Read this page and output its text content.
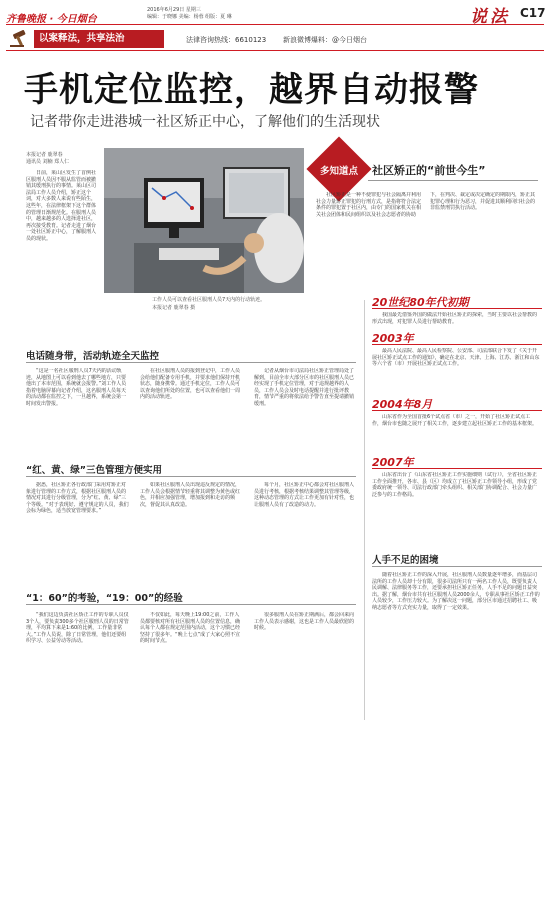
齐鲁晚报 · 今日烟台
2016年6月29日 星期三
编辑：于晓娜 美编：杨蓉 组版：夏 琳	说法 C17
以案释法，共享法治	法律咨询热线：6610123 新浪微博爆料：@今日烟台
手机定位监控，越界自动报警
记者带你走进港城一社区矫正中心，了解他们的生活现状
本报记者 鹿翠春
通讯员 刘楠 郑人仁
日前，莱山区发生了首例社区服刑人员因不服从监管而被撤销其缓刑执行的事情。莱山区司法局工作人员介绍，矫正这个词，对大多数人来说有些陌生，这些年，在法律框架下这个群体的管理日渐规范化。在服刑人员中，越来越多的人选择进社区，再次接受教育。记者走进了烟台一处社区矫正中心，了解服刑人员的现状。
工作人员可以查看社区服刑人员7天内的行动轨迹。
本报记者 鹿翠春 摄
多知道点	社区矫正的“前世今生”
社区矫正是一种不使罪犯与社会隔离并利用社会力量矫正罪犯的行刑方式，是指将符合法定条件的罪犯置于社区内，由专门的国家机关在相关社会团体和民间组织以及社会志愿者的协助下，在判决、裁定或决定确定的期限内，矫正其犯罪心理和行为恶习，并促进其顺利回归社会的非监禁刑罚执行活动。
20世纪80年代初期
我国最先借鉴外国的做法开始社区矫正的探索，当时主要以社会帮教的形式出现，对犯罪人员进行帮助教育。
2003年
最高人民法院、最高人民检察院、公安部、司法部联合下发了《关于开展社区矫正试点工作的通知》，确定在北京、天津、上海、江苏、浙江和山东等六个省（市）开展社区矫正试点工作。
2004年8月
山东省作为全国首批6个试点省（市）之一，开始了社区矫正试点工作，烟台市也随之展开了相关工作，逐步建立起社区矫正工作的基本框架。
2007年
山东省出台了《山东省社区矫正工作实施细则（试行）》，全省社区矫正工作全面推开，各市、县（区）均成立了社区矫正工作领导小组，形成了党委政府统一领导、司法行政部门牵头组织、相关部门协调配合、社会力量广泛参与的工作格局。
人手不足的困境
随着社区矫正工作的深入开展，社区服刑人员数量逐年增多，而基层司法所的工作人员却十分有限，很多司法所只有一两名工作人员，既要负责人民调解、法律服务等工作，还要承担社区矫正任务，人手不足的问题日益突出。据了解，烟台市共有社区服刑人员2000余人，专职从事社区矫正工作的人员较少，工作压力较大。为了解决这一问题，部分区市通过招聘社工、吸纳志愿者等方式充实力量，取得了一定效果。
电话随身带，活动轨迹全天监控
“这是一名社区服刑人员7天内的活动轨迹，从地图上可以看到他去了哪些地方，只要他出了本市范围，系统就会报警。”刘工作人员指着电脑屏幕向记者介绍，这名服刑人员每天的活动都在监控之下，一旦越界，系统会第一时间发出警报。
在社区服刑人员的报到登记中，工作人员会给他们配备专用手机，并要求他们保持开机状态，随身携带。通过手机定位，工作人员可以查询他们所处的位置，也可以查看他们一周内的活动轨迹。
记者从烟台市司法局社区矫正管理局处了解到，目前全市大部分区市的社区服刑人员已经实现了手机定位管理，对于违规越界的人员，工作人员会及时电话提醒并进行批评教育，情节严重的将依法给予警告直至提请撤销缓刑。
“红、黄、绿”三色管理方便实用
据悉，社区矫正各行政部门采用对矫正对象进行管理的工作方式，根据社区服刑人员的情况对其进行分级管理，分为“红、黄、绿”三个等级。“对于表现好、遵守规定的人员，我们会标为绿色，适当放宽管理要求。”
如果社区服刑人员出现违反规定的情况，工作人员会根据情节轻重将其调整为黄色或红色，并相应加强管理，增加报到和走访的频次，督促其认真改造。
每个月，社区矫正中心都会对社区服刑人员进行考核，根据考核结果调整其管理等级，这种动态管理的方式让工作更加有针对性，也让服刑人员有了改造的动力。
“1：60”的考验，“19：00”的经验
“我们这边负责社区矫正工作的专职人员仅3个人，要负责300多个社区服刑人员的日常管理，平均算下来是1:60的比例，工作量非常大。”工作人员说，除了日常管理，他们还要组织学习、公益劳动等活动。
不仅如此，每天晚上19:00之前，工作人员都要核对所有社区服刑人员的位置信息，确认每个人都在规定范围内活动，这个习惯已经坚持了很多年。“晚上七点”成了大家心照不宣的时间节点。
很多服刑人员在矫正期满后，都会回来向工作人员表示感谢，这也是工作人员最欣慰的时候。
